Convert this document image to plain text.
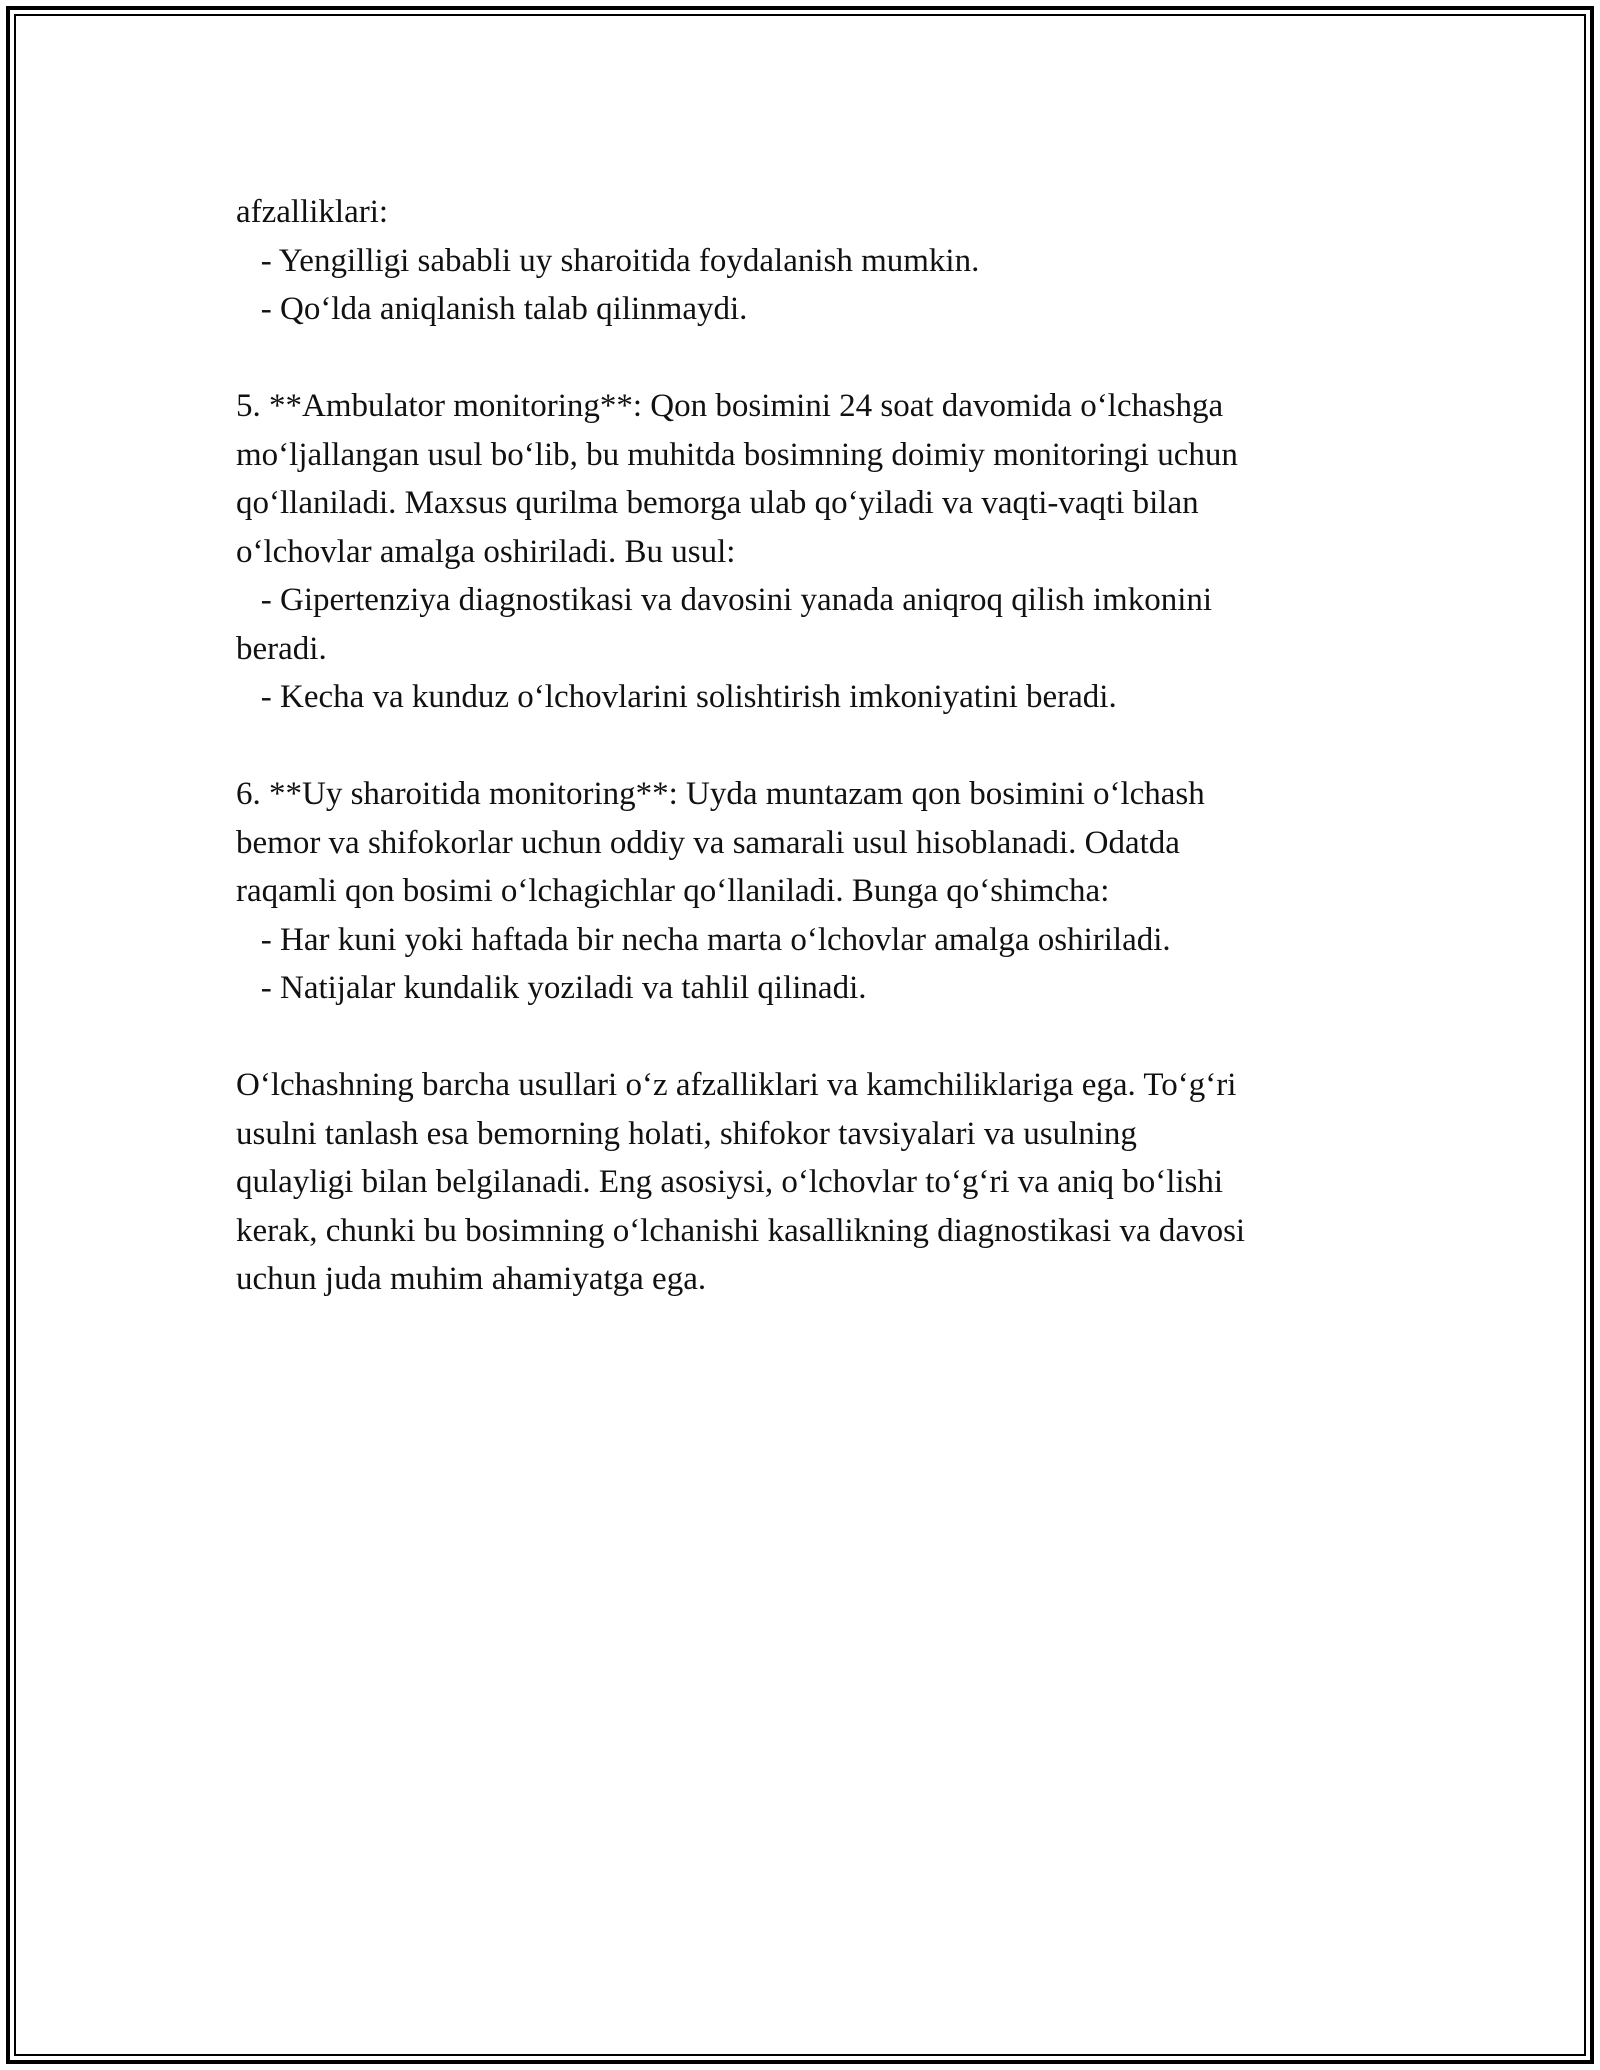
afzalliklari:

- Yengilligi sababli uy sharoitida foydalanish mumkin.

- Qo‘lda aniqlanish talab qilinmaydi.

5. **Ambulator monitoring**: Qon bosimini 24 soat davomida o‘lchashga

mo‘ljallangan usul bo‘lib, bu muhitda bosimning doimiy monitoringi uchun

qo‘llaniladi. Maxsus qurilma bemorga ulab qo‘yiladi va vaqti-vaqti bilan

o‘lchovlar amalga oshiriladi. Bu usul:

- Gipertenziya diagnostikasi va davosini yanada aniqroq qilish imkonini

beradi.

- Kecha va kunduz o‘lchovlarini solishtirish imkoniyatini beradi.

6. **Uy sharoitida monitoring**: Uyda muntazam qon bosimini o‘lchash

bemor va shifokorlar uchun oddiy va samarali usul hisoblanadi. Odatda

raqamli qon bosimi o‘lchagichlar qo‘llaniladi. Bunga qo‘shimcha:

- Har kuni yoki haftada bir necha marta o‘lchovlar amalga oshiriladi.

- Natijalar kundalik yoziladi va tahlil qilinadi.

O‘lchashning barcha usullari o‘z afzalliklari va kamchiliklariga ega. To‘g‘ri

usulni tanlash esa bemorning holati, shifokor tavsiyalari va usulning

qulayligi bilan belgilanadi. Eng asosiysi, o‘lchovlar to‘g‘ri va aniq bo‘lishi

kerak, chunki bu bosimning o‘lchanishi kasallikning diagnostikasi va davosi

uchun juda muhim ahamiyatga ega.
